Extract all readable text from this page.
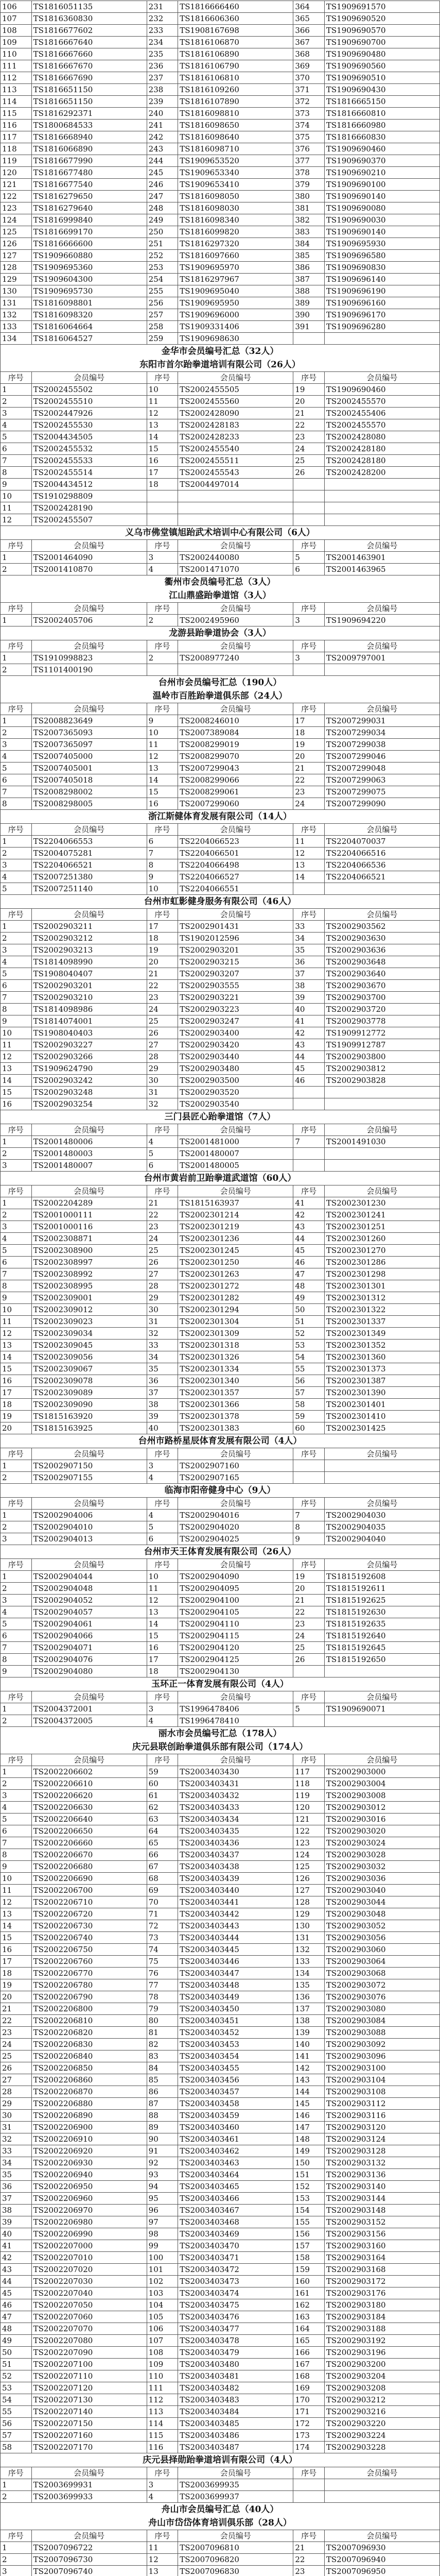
106	TS1816051135	231	TS1816666460	364	TS1909691570
107	TS1816360830	232	TS1816606360	365	TS1909690520
108	TS1816677602	233	TS1908167698	366	TS1909690570
109	TS1816667640	234	TS1816106870	367	TS1909690700
110	TS1816667660	235	TS1816106890	368	TS1909690480
111	TS1816667670	236	TS1816106790	369	TS1909690560
112	TS1816667690	237	TS1816106810	370	TS1909690510
113	TS1816651150	238	TS1816109260	371	TS1909690430
114	TS1816651150	239	TS1816107890	372	TS1816665150
115	TS1816292371	240	TS1816098810	373	TS1816660810
116	TS1800684533	241	TS1816098650	374	TS1816660980
117	TS1816668940	242	TS1816098640	375	TS1816660830
118	TS1816066890	243	TS1816098710	376	TS1909690460
119	TS1816677990	244	TS1909653520	377	TS1909690370
120	TS1816677480	245	TS1909653340	378	TS1909690210
121	TS1816677540	246	TS1909653410	379	TS1909690100
122	TS1816279650	247	TS1816098050	380	TS1909690140
123	TS1816279640	248	TS1816098030	381	TS1909690080
124	TS1816999840	249	TS1816098340	382	TS1909690030
125	TS1816699170	250	TS1816099820	383	TS1909690140
126	TS1816666600	251	TS1816297320	384	TS1909695930
127	TS1909660880	252	TS1816097660	385	TS1909696580
128	TS1909695360	253	TS1909695970	386	TS1909690830
129	TS1909604300	254	TS1816297967	387	TS1909696140
130	TS1909695730	255	TS1909695040	388	TS1909696190
131	TS1816098801	256	TS1909695950	389	TS1909696160
132	TS1816098320	257	TS1909696000	390	TS1909696170
133	TS1816064664	258	TS1909331406	391	TS1909696280
134	TS1816064527	259	TS1909698630		
金华市会员编号汇总（32人）
东阳市首尔跆拳道培训有限公司（26人）
序号	会员编号	序号	会员编号	序号	会员编号
1	TS2002455502	10	TS2002455505	19	TS1909690460
2	TS2002455510	11	TS2002455560	20	TS2002455570
3	TS2002447926	12	TS2002428090	21	TS2002455406
4	TS2002455530	13	TS2002428183	22	TS2002455570
5	TS2004434505	14	TS2002428233	23	TS2002428080
6	TS2002455532	15	TS2002455540	24	TS2002428180
7	TS2002455533	16	TS2002455511	25	TS2002428180
8	TS2002455514	17	TS2002455543	26	TS2002428200
9	TS2004434512	18	TS2004497014		
10	TS1910298809				
11	TS2002428190				
12	TS2002455507				
义乌市佛堂镇旭跆武术培训中心有限公司（6人）
序号	会员编号	序号	会员编号	序号	会员编号
1	TS2001464090	3	TS2002440080	5	TS2001463901
2	TS2001410870	4	TS2001471070	6	TS2001463965
衢州市会员编号汇总（3人）
江山鼎盛跆拳道馆（3人）
序号	会员编号	序号	会员编号	序号	会员编号
1	TS2002405706	2	TS2002495960	3	TS1909694220
龙游县跆拳道协会（3人）
序号	会员编号	序号	会员编号	序号	会员编号
1	TS1910998823	2	TS2008977240	3	TS2009797001
2	TS1101400190				
台州市会员编号汇总（190人）
温岭市百胜跆拳道俱乐部（24人）
序号	会员编号	序号	会员编号	序号	会员编号
1	TS2008823649	9	TS2008246010	17	TS2007299031
2	TS2007365093	10	TS2007389084	18	TS2007299034
3	TS2007365097	11	TS2008299019	19	TS2007299038
4	TS2007405000	12	TS2008299070	20	TS2007299046
5	TS2007405001	13	TS2007299043	21	TS2007299048
6	TS2007405018	14	TS2008299066	22	TS2007299063
7	TS2008298002	15	TS2008299061	23	TS2007299075
8	TS2008298005	16	TS2007299060	24	TS2007299090
浙江斯健体育发展有限公司（14人）
序号	会员编号	序号	会员编号	序号	会员编号
1	TS2204066553	6	TS2204066523	11	TS2204070037
2	TS2004075281	7	TS2204066501	12	TS2204066516
3	TS2204066521	8	TS2204066498	13	TS2204066536
4	TS2007251380	9	TS2204066527	14	TS2204066521
5	TS2007251140	10	TS2204066551		
台州市虹影健身服务有限公司（46人）
序号	会员编号	序号	会员编号	序号	会员编号
1	TS2002903211	17	TS2002901431	33	TS2002903562
2	TS2002903212	18	TS1902012596	34	TS2002903630
3	TS2002903213	19	TS2002903201	35	TS2002903636
4	TS1814098990	20	TS2002903215	36	TS2002903648
5	TS1908040407	21	TS2002903207	37	TS2002903640
6	TS2002903201	22	TS2002903555	38	TS2002903670
7	TS2002903210	23	TS2002903221	39	TS2002903700
8	TS1814098986	24	TS2002903223	40	TS2002903720
9	TS1814074001	25	TS2002903247	41	TS2002903778
10	TS1908040403	26	TS2002903400	42	TS1909912772
11	TS2002903227	27	TS2002903420	43	TS1909912787
12	TS2002903266	28	TS2002903440	44	TS2002903800
13	TS1909624790	29	TS2002903480	45	TS2002903812
14	TS2002903242	30	TS2002903500	46	TS2002903828
15	TS2002903248	31	TS2002903520		
16	TS2002903254	32	TS2002903540		
三门县匠心跆拳道馆（7人）
序号	会员编号	序号	会员编号	序号	会员编号
1	TS2001480006	4	TS2001481000	7	TS2001491030
2	TS2001480003	5	TS2001480007		
3	TS2001480007	6	TS2001480005		
台州市黄岩前卫跆拳道武道馆（60人）
序号	会员编号	序号	会员编号	序号	会员编号
1	TS2002204289	21	TS1815163937	41	TS2002301230
2	TS2001000111	22	TS2002301214	42	TS2002301241
3	TS2001000116	23	TS2002301219	43	TS2002301251
4	TS2002308871	24	TS2002301236	44	TS2002301260
5	TS2002308900	25	TS2002301245	45	TS2002301270
6	TS2002308997	26	TS2002301250	46	TS2002301286
7	TS2002308992	27	TS2002301263	47	TS2002301298
8	TS2002308995	28	TS2002301272	48	TS2002301301
9	TS2002309001	29	TS2002301282	49	TS2002301312
10	TS2002309012	30	TS2002301294	50	TS2002301322
11	TS2002309023	31	TS2002301304	51	TS2002301337
12	TS2002309034	32	TS2002301309	52	TS2002301349
13	TS2002309045	33	TS2002301318	53	TS2002301352
14	TS2002309056	34	TS2002301326	54	TS2002301360
15	TS2002309067	35	TS2002301334	55	TS2002301373
16	TS2002309078	36	TS2002301340	56	TS2002301387
17	TS2002309089	37	TS2002301357	57	TS2002301390
18	TS2002309090	38	TS2002301366	58	TS2002301401
19	TS1815163920	39	TS2002301378	59	TS2002301410
20	TS1815163925	40	TS2002301383	60	TS2002301425
台州市路桥星辰体育发展有限公司（4人）
序号	会员编号	序号	会员编号	序号	会员编号
1	TS2002907150	3	TS2002907160		
2	TS2002907155	4	TS2002907165		
临海市阳帝健身中心（9人）
序号	会员编号	序号	会员编号	序号	会员编号
1	TS2002904006	4	TS2002904016	7	TS2002904030
2	TS2002904010	5	TS2002904020	8	TS2002904035
3	TS2002904013	6	TS2002904025	9	TS2002904040
台州市天王体育发展有限公司（26人）
序号	会员编号	序号	会员编号	序号	会员编号
1	TS2002904044	10	TS2002904090	19	TS1815192608
2	TS2002904048	11	TS2002904095	20	TS1815192611
3	TS2002904052	12	TS2002904100	21	TS1815192625
4	TS2002904057	13	TS2002904105	22	TS1815192630
5	TS2002904061	14	TS2002904110	23	TS1815192635
6	TS2002904066	15	TS2002904115	24	TS1815192640
7	TS2002904071	16	TS2002904120	25	TS1815192645
8	TS2002904076	17	TS2002904125	26	TS1815192650
9	TS2002904080	18	TS2002904130		
玉环正一体育发展有限公司（4人）
序号	会员编号	序号	会员编号	序号	会员编号
1	TS2004372001	3	TS1996478406	5	TS1909690071
2	TS2004372005	4	TS1996478410		
丽水市会员编号汇总（178人）
庆元县联创跆拳道俱乐部有限公司（174人）
序号	会员编号	序号	会员编号	序号	会员编号
1	TS2002206602	59	TS2003403430	117	TS2002903000
2	TS2002206610	60	TS2003403431	118	TS2002903004
3	TS2002206620	61	TS2003403432	119	TS2002903008
4	TS2002206630	62	TS2003403433	120	TS2002903012
5	TS2002206640	63	TS2003403434	121	TS2002903016
6	TS2002206650	64	TS2003403435	122	TS2002903020
7	TS2002206660	65	TS2003403436	123	TS2002903024
8	TS2002206670	66	TS2003403437	124	TS2002903028
9	TS2002206680	67	TS2003403438	125	TS2002903032
10	TS2002206690	68	TS2003403439	126	TS2002903036
11	TS2002206700	69	TS2003403440	127	TS2002903040
12	TS2002206710	70	TS2003403441	128	TS2002903044
13	TS2002206720	71	TS2003403442	129	TS2002903048
14	TS2002206730	72	TS2003403443	130	TS2002903052
15	TS2002206740	73	TS2003403444	131	TS2002903056
16	TS2002206750	74	TS2003403445	132	TS2002903060
17	TS2002206760	75	TS2003403446	133	TS2002903064
18	TS2002206770	76	TS2003403447	134	TS2002903068
19	TS2002206780	77	TS2003403448	135	TS2002903072
20	TS2002206790	78	TS2003403449	136	TS2002903076
21	TS2002206800	79	TS2003403450	137	TS2002903080
22	TS2002206810	80	TS2003403451	138	TS2002903084
23	TS2002206820	81	TS2003403452	139	TS2002903088
24	TS2002206830	82	TS2003403453	140	TS2002903092
25	TS2002206840	83	TS2003403454	141	TS2002903096
26	TS2002206850	84	TS2003403455	142	TS2002903100
27	TS2002206860	85	TS2003403456	143	TS2002903104
28	TS2002206870	86	TS2003403457	144	TS2002903108
29	TS2002206880	87	TS2003403458	145	TS2002903112
30	TS2002206890	88	TS2003403459	146	TS2002903116
31	TS2002206900	89	TS2003403460	147	TS2002903120
32	TS2002206910	90	TS2003403461	148	TS2002903124
33	TS2002206920	91	TS2003403462	149	TS2002903128
34	TS2002206930	92	TS2003403463	150	TS2002903132
35	TS2002206940	93	TS2003403464	151	TS2002903136
36	TS2002206950	94	TS2003403465	152	TS2002903140
37	TS2002206960	95	TS2003403466	153	TS2002903144
38	TS2002206970	96	TS2003403467	154	TS2002903148
39	TS2002206980	97	TS2003403468	155	TS2002903152
40	TS2002206990	98	TS2003403469	156	TS2002903156
41	TS2002207000	99	TS2003403470	157	TS2002903160
42	TS2002207010	100	TS2003403471	158	TS2002903164
43	TS2002207020	101	TS2003403472	159	TS2002903168
44	TS2002207030	102	TS2003403473	160	TS2002903172
45	TS2002207040	103	TS2003403474	161	TS2002903176
46	TS2002207050	104	TS2003403475	162	TS2002903180
47	TS2002207060	105	TS2003403476	163	TS2002903184
48	TS2002207070	106	TS2003403477	164	TS2002903188
49	TS2002207080	107	TS2003403478	165	TS2002903192
50	TS2002207090	108	TS2003403479	166	TS2002903196
51	TS2002207100	109	TS2003403480	167	TS2002903200
52	TS2002207110	110	TS2003403481	168	TS2002903204
53	TS2002207120	111	TS2003403482	169	TS2002903208
54	TS2002207130	112	TS2003403483	170	TS2002903212
55	TS2002207140	113	TS2003403484	171	TS2002903216
56	TS2002207150	114	TS2003403485	172	TS2002903220
57	TS2002207160	115	TS2003403486	173	TS2002903224
58	TS2002207170	116	TS2003403487	174	TS2002903228
庆元县择勋跆拳道培训有限公司（4人）
序号	会员编号	序号	会员编号	序号	会员编号
1	TS2003699931	3	TS2003699935		
2	TS2003699933	4	TS2003699937		
舟山市会员编号汇总（40人）
舟山市岱岱体育培训俱乐部（28人）
序号	会员编号	序号	会员编号	序号	会员编号
1	TS2007096722	11	TS2007096810	21	TS2007096930
2	TS2007096730	12	TS2007096820	22	TS2007096940
3	TS2007096740	13	TS2007096830	23	TS2007096950
